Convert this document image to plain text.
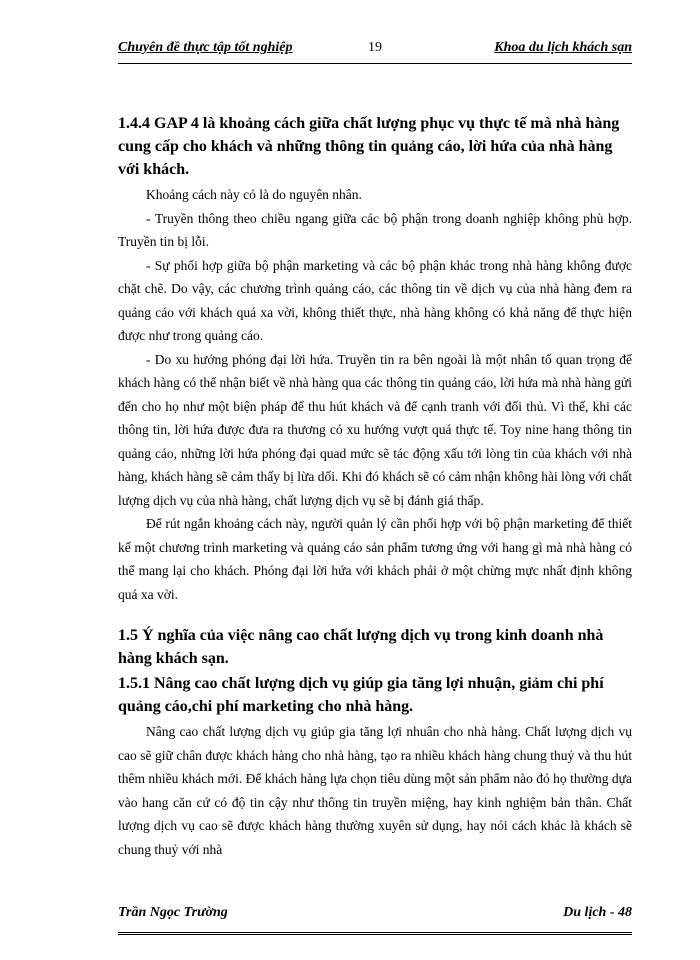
Chuyên đề thực tập tốt nghiệp	19	Khoa du lịch khách sạn

1.4.4 GAP 4 là khoảng cách giữa chất lượng phục vụ thực tế mà nhà hàng cung cấp cho khách và những thông tin quảng cáo, lời hứa của nhà hàng với khách.

Khoảng cách này có là do nguyên nhân.

- Truyền thông theo chiều ngang giữa các bộ phận trong doanh nghiệp không phù hợp. Truyền tin bị lỗi.

- Sự phối hợp giữa bộ phận marketing và các bộ phận khác trong nhà hàng không được chặt chẽ. Do vậy, các chương trình quảng cáo, các thông tin về dịch vụ của nhà hàng đem ra quảng cáo với khách quá xa vời, không thiết thực, nhà hàng không có khả năng để thực hiện được như trong quảng cáo.

- Do xu hướng phóng đại lời hứa. Truyền tin ra bên ngoài là một nhân tố quan trọng để khách hàng có thể nhận biết về nhà hàng qua các thông tin quảng cáo, lời hứa mà nhà hàng gửi đến cho họ như một biện pháp để thu hút khách và để cạnh tranh với đối thủ. Vì thế, khi các thông tin, lời hứa được đưa ra thương có xu hướng vượt quá thực tế. Toy nine hang thông tin quảng cáo, những lời hứa phóng đại quad mức sẽ tác động xấu tới lòng tin của khách với nhà hàng, khách hàng sẽ cảm thấy bị lừa dối. Khi đó khách sẽ có cảm nhận không hài lòng với chất lượng dịch vụ của nhà hàng, chất lượng dịch vụ sẽ bị đánh giá thấp.

Để rút ngắn khoảng cách này, người quản lý cần phối hợp với bộ phận marketing để thiết kế một chương trình marketing và quảng cáo sản phẩm tương ứng với hang gì mà nhà hàng có thể mang lại cho khách. Phóng đại lời hứa với khách phải ở một chừng mực nhất định không quá xa vời.

1.5 Ý nghĩa của việc nâng cao chất lượng dịch vụ trong kinh doanh nhà hàng khách sạn.

1.5.1 Nâng cao chất lượng dịch vụ giúp gia tăng lợi nhuận, giảm chi phí quảng cáo,chi phí marketing cho nhà hàng.

Nâng cao chất lượng dịch vụ giúp gia tăng lợi nhuân cho nhà hàng. Chất lượng dịch vụ cao sẽ giữ chân được khách hàng cho nhà hàng, tạo ra nhiều khách hàng chung thuỷ và thu hút thêm nhiều khách mới. Để khách hàng lựa chọn tiêu dùng một sản phẩm nào đó họ thường dựa vào hang căn cứ có độ tin cậy như thông tin truyền miệng, hay kinh nghiệm bản thân. Chất lượng dịch vụ cao sẽ được khách hàng thường xuyên sử dụng, hay nói cách khác là khách sẽ chung thuỷ với nhà

Trần Ngọc Trường	Du lịch - 48
